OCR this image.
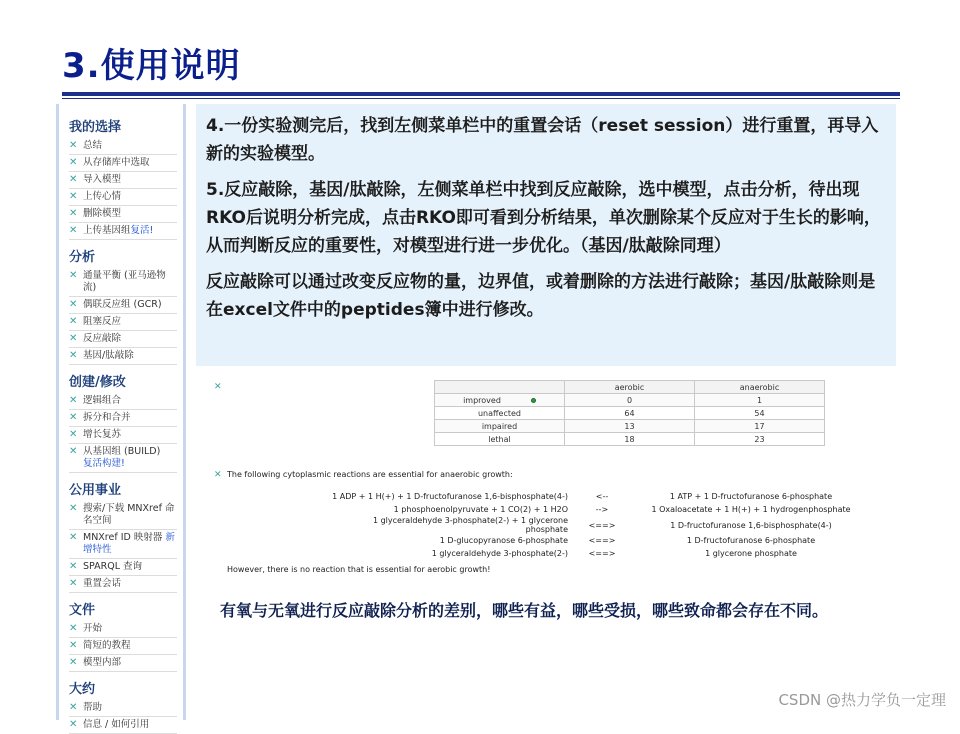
3.使用说明
我的选择
✕ 总结
✕ 从存储库中选取
✕ 导入模型
✕ 上传心情
✕ 删除模型
✕ 上传基因组复活!
分析
✕ 通量平衡 (亚马逊物流)
✕ 偶联反应组 (GCR)
✕ 阻塞反应
✕ 反应敲除
✕ 基因/肽敲除
创建/修改
✕ 逻辑组合
✕ 拆分和合并
✕ 增长复苏
✕ 从基因组 (BUILD)
复活构建!
公用事业
✕ 搜索/下载 MNXref 命名空间
✕ MNXref ID 映射器 新增特性
✕ SPARQL 查询
✕ 重置会话
文件
✕ 开始
✕ 简短的教程
✕ 模型内部
大约
✕ 帮助
✕ 信息 / 如何引用

4.一份实验测完后，找到左侧菜单栏中的重置会话（reset session）进行重置，再导入新的实验模型。

5.反应敲除，基因/肽敲除，左侧菜单栏中找到反应敲除，选中模型，点击分析，待出现RKO后说明分析完成，点击RKO即可看到分析结果，单次删除某个反应对于生长的影响，从而判断反应的重要性，对模型进行进一步优化。（基因/肽敲除同理）

反应敲除可以通过改变反应物的量，边界值，或着删除的方法进行敲除；基因/肽敲除则是在excel文件中的peptides簿中进行修改。

✕
		aerobic	anaerobic
improved	0	1
unaffected	64	54
impaired	13	17
lethal	18	23
✕ The following cytoplasmic reactions are essential for anaerobic growth:
1 ADP + 1 H(+) + 1 D-fructofuranose 1,6-bisphosphate(4-)	<--	1 ATP + 1 D-fructofuranose 6-phosphate
1 phosphoenolpyruvate + 1 CO(2) + 1 H2O	-->	1 Oxaloacetate + 1 H(+) + 1 hydrogenphosphate
1 glyceraldehyde 3-phosphate(2-) + 1 glycerone phosphate	<==>	1 D-fructofuranose 1,6-bisphosphate(4-)
1 D-glucopyranose 6-phosphate	<==>	1 D-fructofuranose 6-phosphate
1 glyceraldehyde 3-phosphate(2-)	<==>	1 glycerone phosphate
However, there is no reaction that is essential for aerobic growth!
有氧与无氧进行反应敲除分析的差别，哪些有益，哪些受损，哪些致命都会存在不同。
CSDN @热力学负一定理
